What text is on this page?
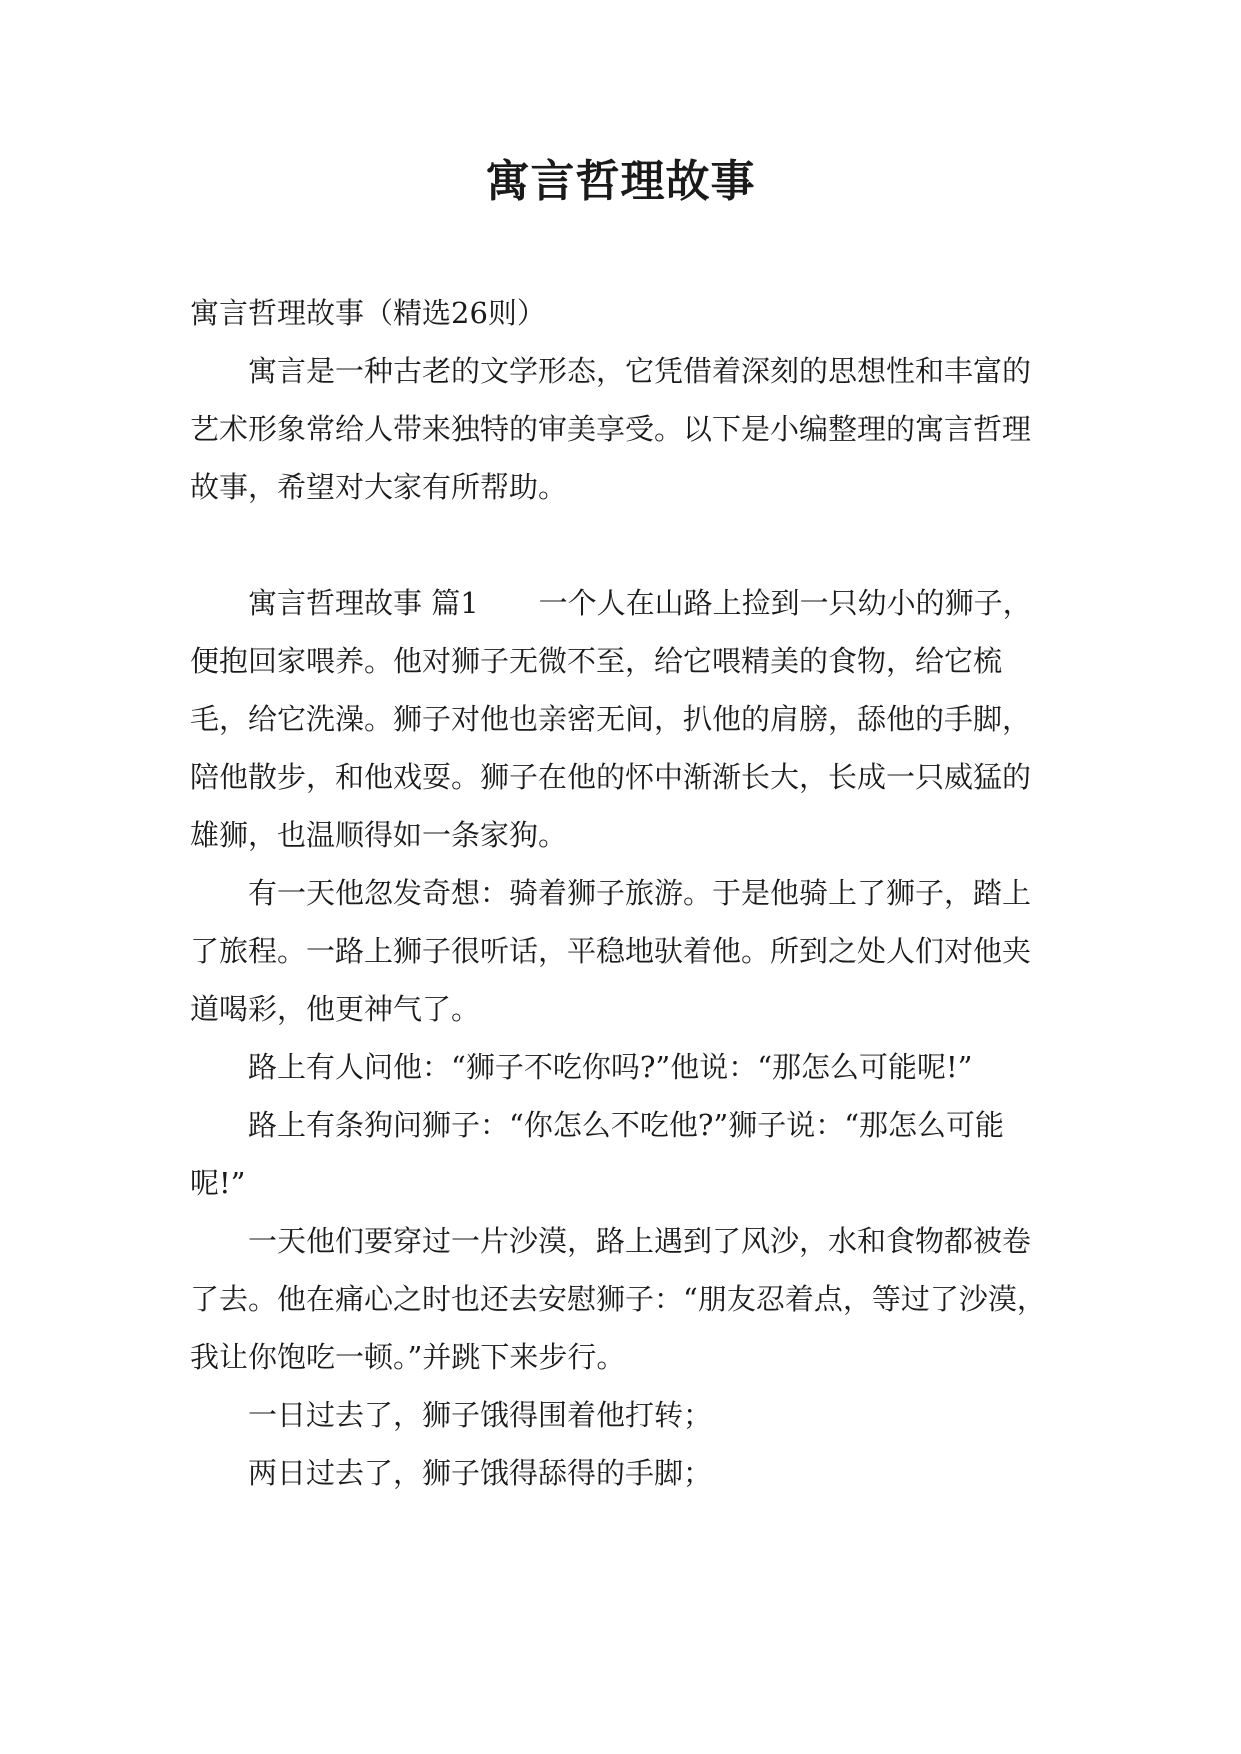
寓言哲理故事

寓言哲理故事（精选26则）

寓言是一种古老的文学形态，它凭借着深刻的思想性和丰富的艺术形象常给人带来独特的审美享受。以下是小编整理的寓言哲理故事，希望对大家有所帮助。

寓言哲理故事 篇1 一个人在山路上捡到一只幼小的狮子，便抱回家喂养。他对狮子无微不至，给它喂精美的食物，给它梳毛，给它洗澡。狮子对他也亲密无间，扒他的肩膀，舔他的手脚，陪他散步，和他戏耍。狮子在他的怀中渐渐长大，长成一只威猛的雄狮，也温顺得如一条家狗。

有一天他忽发奇想：骑着狮子旅游。于是他骑上了狮子，踏上了旅程。一路上狮子很听话，平稳地驮着他。所到之处人们对他夹道喝彩，他更神气了。

路上有人问他：“狮子不吃你吗?”他说：“那怎么可能呢!”

路上有条狗问狮子：“你怎么不吃他?”狮子说：“那怎么可能呢!”

一天他们要穿过一片沙漠，路上遇到了风沙，水和食物都被卷了去。他在痛心之时也还去安慰狮子：“朋友忍着点，等过了沙漠，我让你饱吃一顿。”并跳下来步行。

一日过去了，狮子饿得围着他打转；

两日过去了，狮子饿得舔得的手脚；
